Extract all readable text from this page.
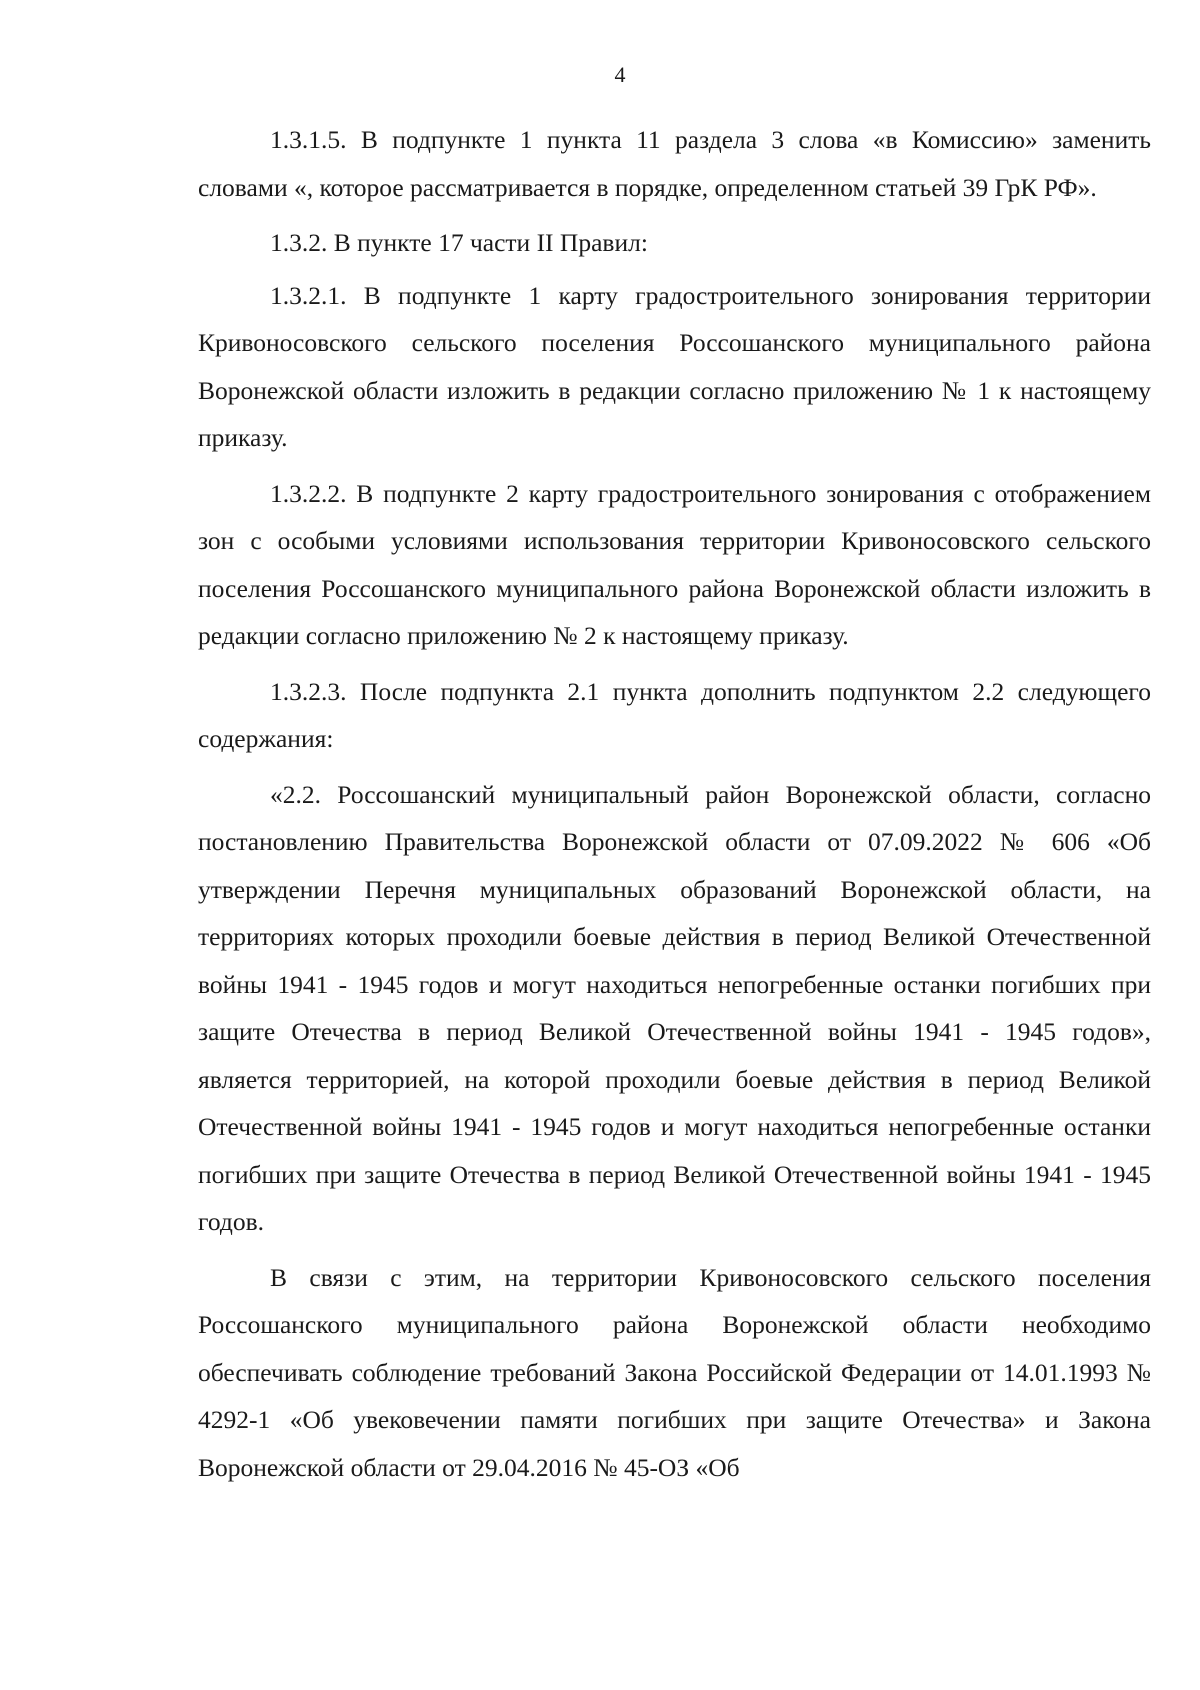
4

1.3.1.5. В подпункте 1 пункта 11 раздела 3 слова «в Комиссию» заменить словами «, которое рассматривается в порядке, определенном статьей 39 ГрК РФ».

1.3.2. В пункте 17 части II Правил:

1.3.2.1. В подпункте 1 карту градостроительного зонирования территории Кривоносовского сельского поселения Россошанского муниципального района Воронежской области изложить в редакции согласно приложению № 1 к настоящему приказу.

1.3.2.2. В подпункте 2 карту градостроительного зонирования с отображением зон с особыми условиями использования территории Кривоносовского сельского поселения Россошанского муниципального района Воронежской области изложить в редакции согласно приложению № 2 к настоящему приказу.

1.3.2.3. После подпункта 2.1 пункта дополнить подпунктом 2.2 следующего содержания:

«2.2. Россошанский муниципальный район Воронежской области, согласно постановлению Правительства Воронежской области от 07.09.2022 № 606 «Об утверждении Перечня муниципальных образований Воронежской области, на территориях которых проходили боевые действия в период Великой Отечественной войны 1941 - 1945 годов и могут находиться непогребенные останки погибших при защите Отечества в период Великой Отечественной войны 1941 - 1945 годов», является территорией, на которой проходили боевые действия в период Великой Отечественной войны 1941 - 1945 годов и могут находиться непогребенные останки погибших при защите Отечества в период Великой Отечественной войны 1941 - 1945 годов.

В связи с этим, на территории Кривоносовского сельского поселения Россошанского муниципального района Воронежской области необходимо обеспечивать соблюдение требований Закона Российской Федерации от 14.01.1993 № 4292-1 «Об увековечении памяти погибших при защите Отечества» и Закона Воронежской области от 29.04.2016 № 45-ОЗ «Об
